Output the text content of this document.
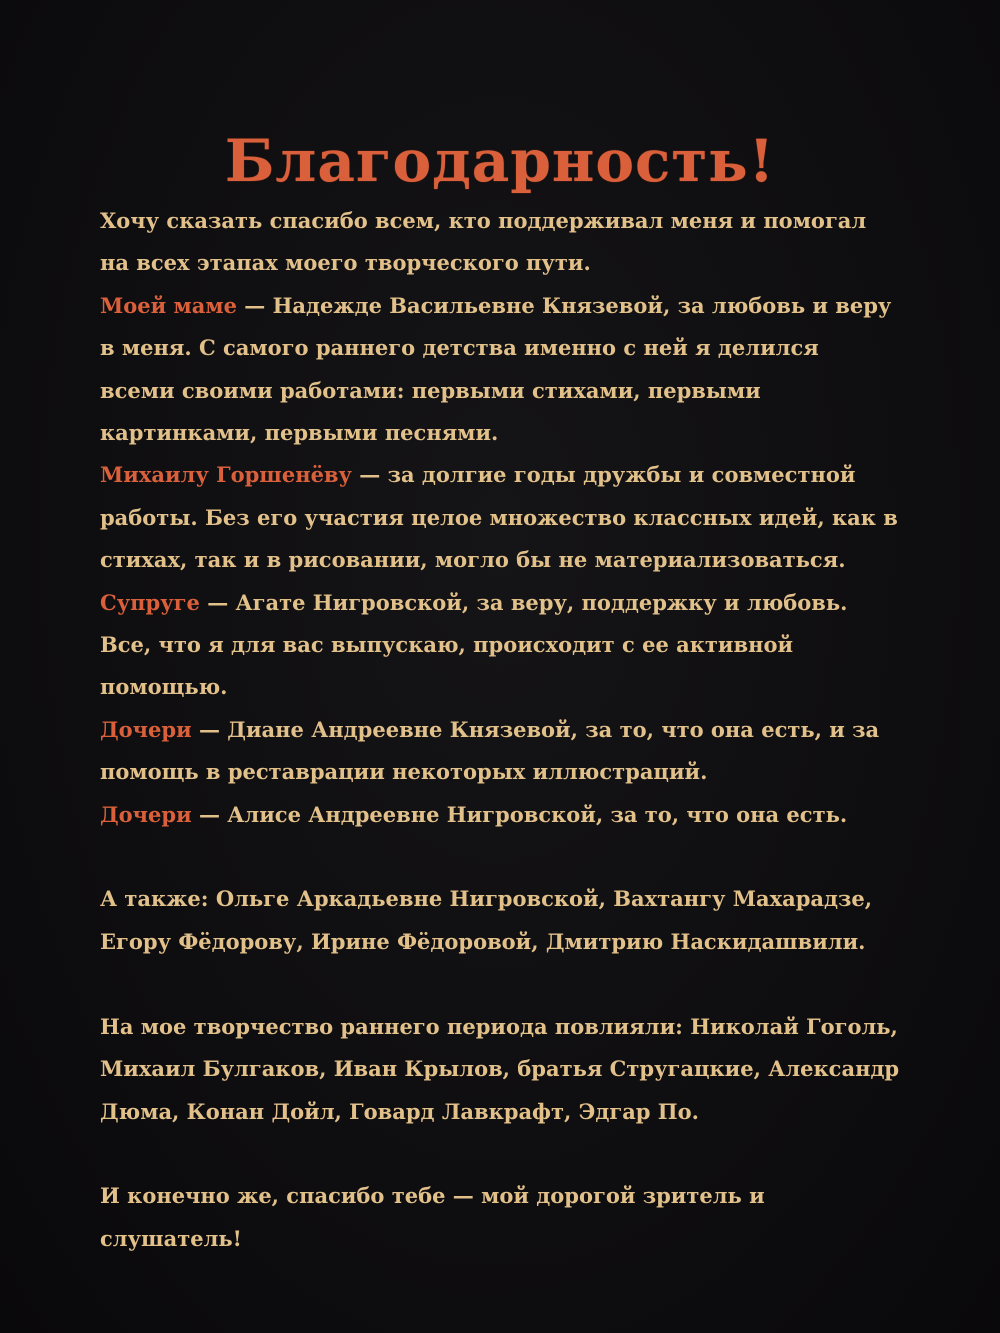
Благодарность!

Хочу сказать спасибо всем, кто поддерживал меня и помогал на всех этапах моего творческого пути.

Моей маме — Надежде Васильевне Князевой, за любовь и веру в меня. С самого раннего детства именно с ней я делился всеми своими работами: первыми стихами, первыми картинками, первыми песнями.

Михаилу Горшенёву — за долгие годы дружбы и совместной работы. Без его участия целое множество классных идей, как в стихах, так и в рисовании, могло бы не материализоваться.

Супруге — Агате Нигровской, за веру, поддержку и любовь. Все, что я для вас выпускаю, происходит с ее активной помощью.

Дочери — Диане Андреевне Князевой, за то, что она есть, и за помощь в реставрации некоторых иллюстраций.

Дочери — Алисе Андреевне Нигровской, за то, что она есть.

А также: Ольге Аркадьевне Нигровской, Вахтангу Махарадзе, Егору Фёдорову, Ирине Фёдоровой, Дмитрию Наскидашвили.

На мое творчество раннего периода повлияли: Николай Гоголь, Михаил Булгаков, Иван Крылов, братья Стругацкие, Александр Дюма, Конан Дойл, Говард Лавкрафт, Эдгар По.

И конечно же, спасибо тебе — мой дорогой зритель и слушатель!
